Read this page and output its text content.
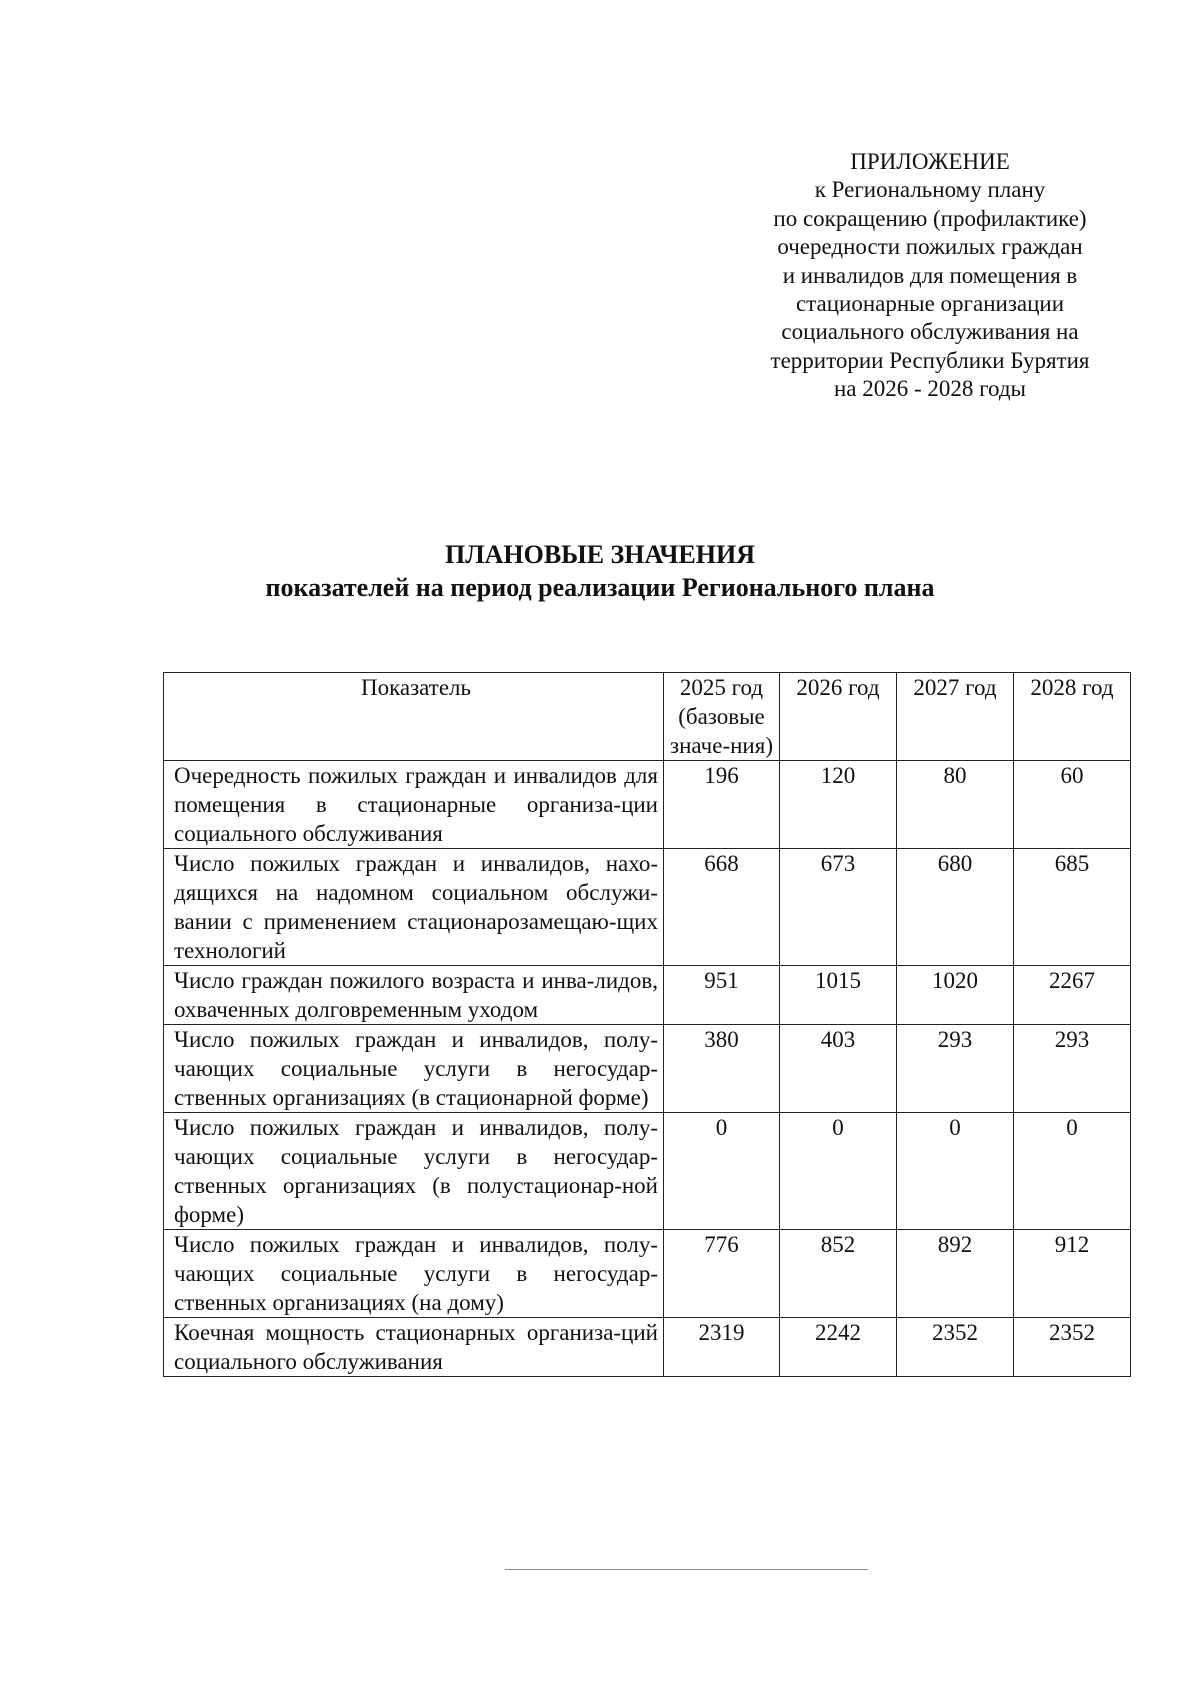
ПРИЛОЖЕНИЕ
к Региональному плану
по сокращению (профилактике)
очередности пожилых граждан
и инвалидов для помещения в
стационарные организации
социального обслуживания на
территории Республики Бурятия
на 2026 - 2028 годы
ПЛАНОВЫЕ ЗНАЧЕНИЯ
показателей на период реализации Регионального плана
Показатель	2025 год (базовые значе-ния)	2026 год	2027 год	2028 год
Очередность пожилых граждан и инвалидов для помещения в стационарные организа-ции социального обслуживания	196	120	80	60
Число пожилых граждан и инвалидов, нахо-дящихся на надомном социальном обслужи-вании с применением стационарозамещаю-щих технологий	668	673	680	685
Число граждан пожилого возраста и инва-лидов, охваченных долговременным уходом	951	1015	1020	2267
Число пожилых граждан и инвалидов, полу-чающих социальные услуги в негосудар-ственных организациях (в стационарной форме)	380	403	293	293
Число пожилых граждан и инвалидов, полу-чающих социальные услуги в негосудар-ственных организациях (в полустационар-ной форме)	0	0	0	0
Число пожилых граждан и инвалидов, полу-чающих социальные услуги в негосудар-ственных организациях (на дому)	776	852	892	912
Коечная мощность стационарных организа-ций социального обслуживания	2319	2242	2352	2352
